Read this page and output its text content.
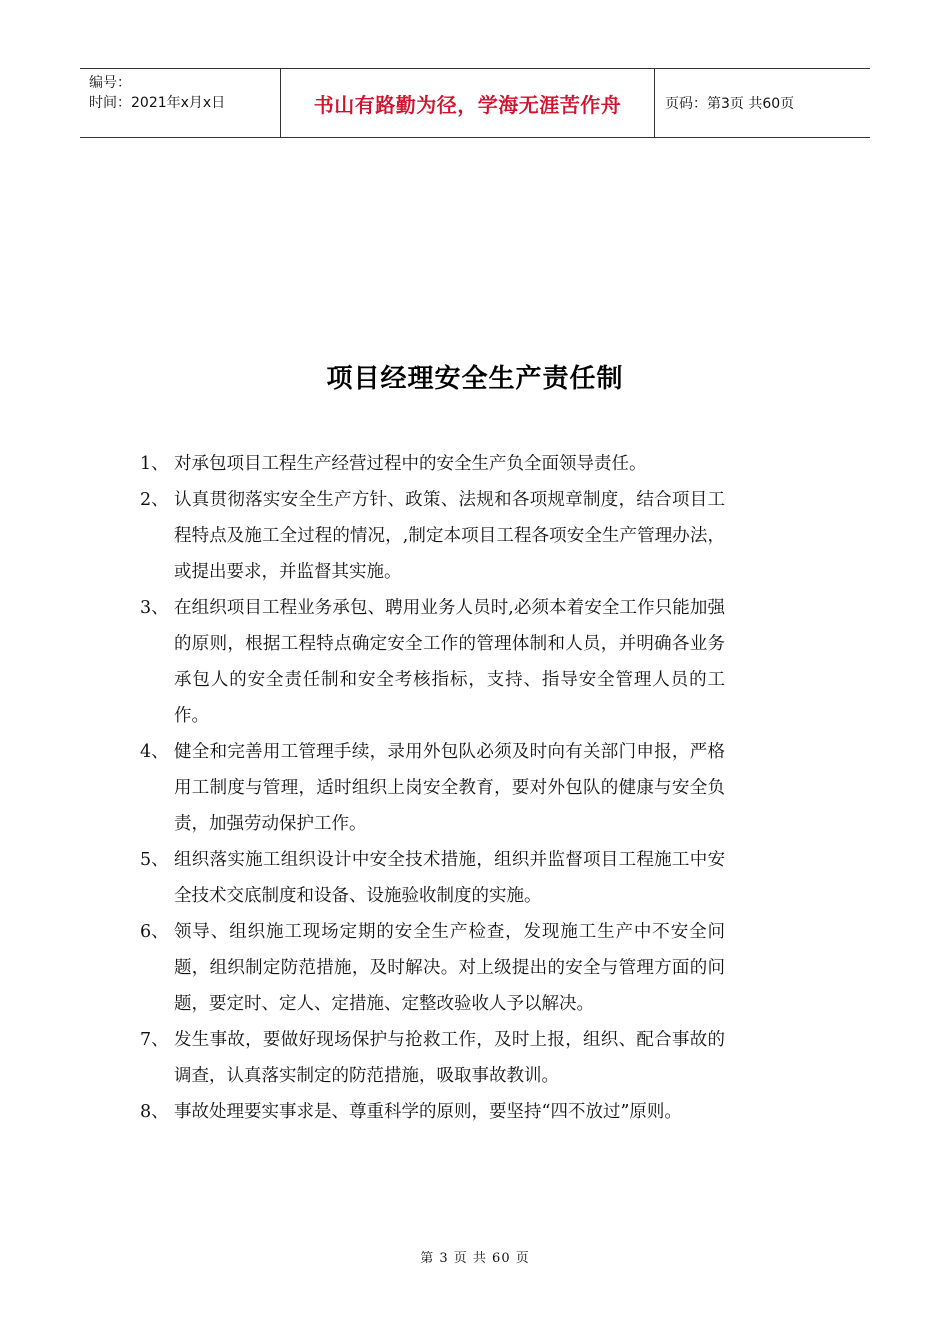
编号：
时间：2021年x月x日	书山有路勤为径，学海无涯苦作舟	页码：第3页 共60页
项目经理安全生产责任制
1、 对承包项目工程生产经营过程中的安全生产负全面领导责任。
2、 认真贯彻落实安全生产方针、政策、法规和各项规章制度，结合项目工程特点及施工全过程的情况，,制定本项目工程各项安全生产管理办法，或提出要求，并监督其实施。
3、 在组织项目工程业务承包、聘用业务人员时,必须本着安全工作只能加强的原则，根据工程特点确定安全工作的管理体制和人员，并明确各业务承包人的安全责任制和安全考核指标，支持、指导安全管理人员的工作。
4、 健全和完善用工管理手续，录用外包队必须及时向有关部门申报，严格用工制度与管理，适时组织上岗安全教育，要对外包队的健康与安全负责，加强劳动保护工作。
5、 组织落实施工组织设计中安全技术措施，组织并监督项目工程施工中安全技术交底制度和设备、设施验收制度的实施。
6、 领导、组织施工现场定期的安全生产检查，发现施工生产中不安全问题，组织制定防范措施，及时解决。对上级提出的安全与管理方面的问题，要定时、定人、定措施、定整改验收人予以解决。
7、 发生事故，要做好现场保护与抢救工作，及时上报，组织、配合事故的调查，认真落实制定的防范措施，吸取事故教训。
8、 事故处理要实事求是、尊重科学的原则，要坚持“四不放过”原则。
第 3 页 共 60 页
